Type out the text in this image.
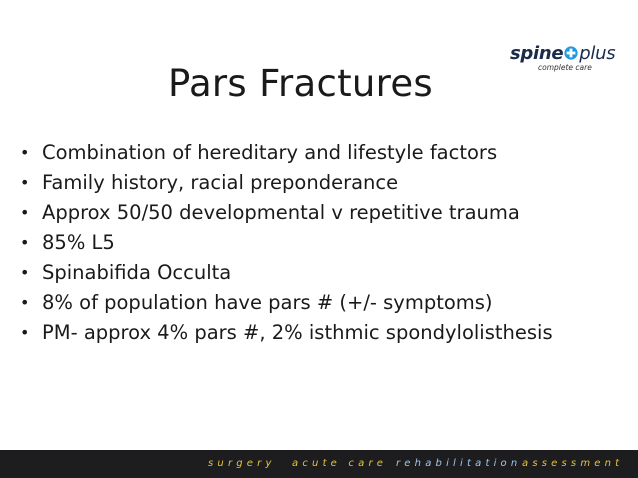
Pars Fractures
spine plus
complete care
• Combination of hereditary and lifestyle factors
• Family history, racial preponderance
• Approx 50/50 developmental v repetitive trauma
• 85% L5
• Spinabifida Occulta
• 8% of population have pars # (+/- symptoms)
• PM- approx 4% pars #, 2% isthmic spondylolisthesis
surgery acute care rehabilitation assessment
